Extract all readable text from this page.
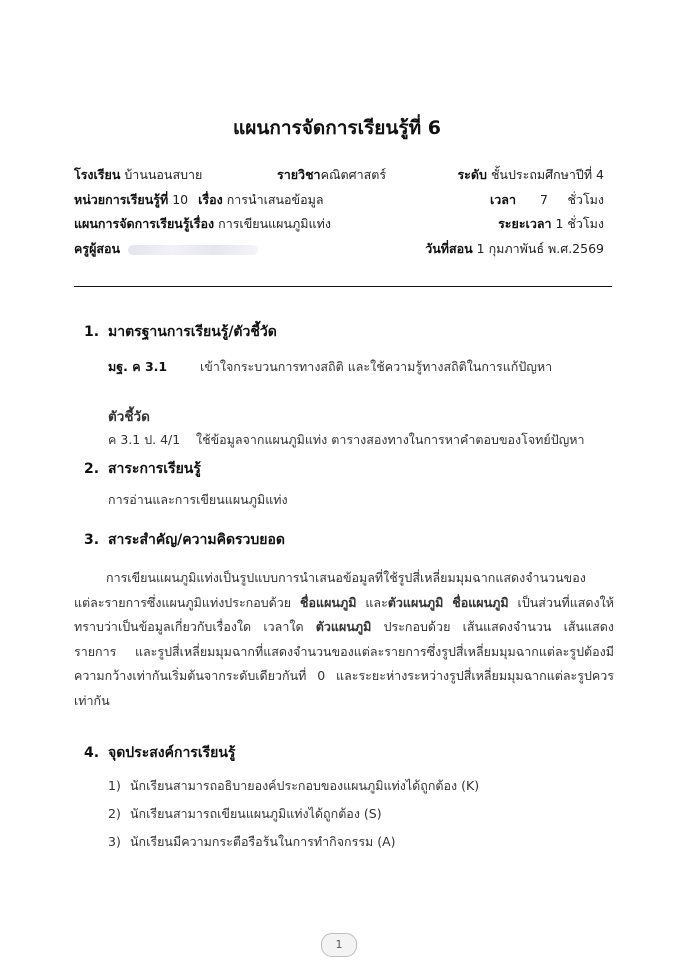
แผนการจัดการเรียนรู้ที่ 6
โรงเรียน บ้านนอนสบาย	รายวิชาคณิตศาสตร์	ระดับ ชั้นประถมศึกษาปีที่ 4
หน่วยการเรียนรู้ที่ 10 เรื่อง การนำเสนอข้อมูล	เวลา 7 ชั่วโมง
แผนการจัดการเรียนรู้เรื่อง การเขียนแผนภูมิแท่ง	ระยะเวลา 1 ชั่วโมง
ครูผู้สอน	วันที่สอน 1 กุมภาพันธ์ พ.ศ.2569
1. มาตรฐานการเรียนรู้/ตัวชี้วัด
มฐ. ค 3.1	เข้าใจกระบวนการทางสถิติ และใช้ความรู้ทางสถิติในการแก้ปัญหา
ตัวชี้วัด
ค 3.1 ป. 4/1 ใช้ข้อมูลจากแผนภูมิแท่ง ตารางสองทางในการหาคำตอบของโจทย์ปัญหา
2. สาระการเรียนรู้
การอ่านและการเขียนแผนภูมิแท่ง
3. สาระสำคัญ/ความคิดรวบยอด
การเขียนแผนภูมิแท่งเป็นรูปแบบการนำเสนอข้อมูลที่ใช้รูปสี่เหลี่ยมมุมฉากแสดงจำนวนของแต่ละรายการซึ่งแผนภูมิแท่งประกอบด้วย ชื่อแผนภูมิ และตัวแผนภูมิ ชื่อแผนภูมิ เป็นส่วนที่แสดงให้ทราบว่าเป็นข้อมูลเกี่ยวกับเรื่องใด เวลาใด ตัวแผนภูมิ ประกอบด้วย เส้นแสดงจำนวน เส้นแสดงรายการ และรูปสี่เหลี่ยมมุมฉากที่แสดงจำนวนของแต่ละรายการซึ่งรูปสี่เหลี่ยมมุมฉากแต่ละรูปต้องมีความกว้างเท่ากันเริ่มต้นจากระดับเดียวกันที่ 0 และระยะห่างระหว่างรูปสี่เหลี่ยมมุมฉากแต่ละรูปควรเท่ากัน
4. จุดประสงค์การเรียนรู้
1) นักเรียนสามารถอธิบายองค์ประกอบของแผนภูมิแท่งได้ถูกต้อง (K)
2) นักเรียนสามารถเขียนแผนภูมิแท่งได้ถูกต้อง (S)
3) นักเรียนมีความกระตือรือร้นในการทำกิจกรรม (A)
1
